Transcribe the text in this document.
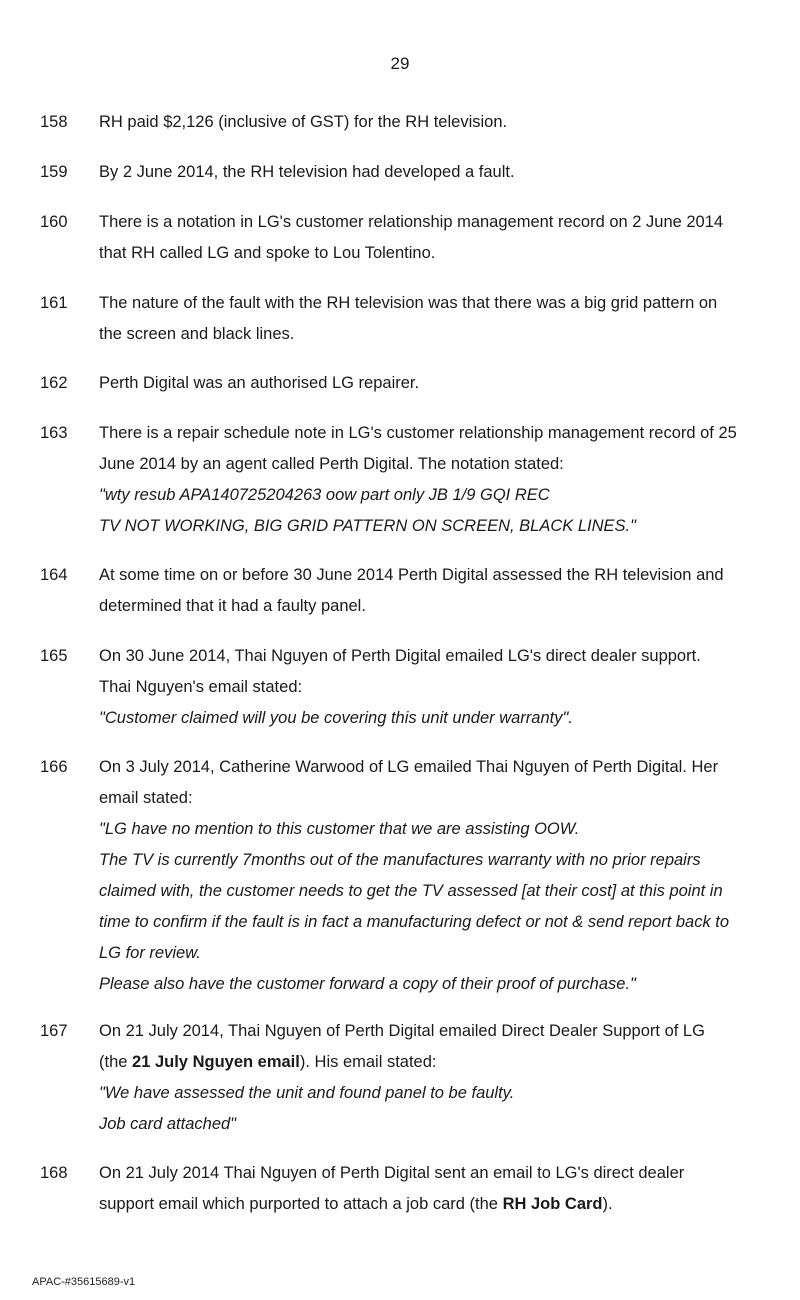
29
158 RH paid $2,126 (inclusive of GST) for the RH television.
159 By 2 June 2014, the RH television had developed a fault.
160 There is a notation in LG's customer relationship management record on 2 June 2014
that RH called LG and spoke to Lou Tolentino.
161 The nature of the fault with the RH television was that there was a big grid pattern on
the screen and black lines.
162 Perth Digital was an authorised LG repairer.
163 There is a repair schedule note in LG's customer relationship management record of 25
June 2014 by an agent called Perth Digital. The notation stated:
"wty resub APA140725204263 oow part only JB 1/9 GQI REC
TV NOT WORKING, BIG GRID PATTERN ON SCREEN, BLACK LINES."
164 At some time on or before 30 June 2014 Perth Digital assessed the RH television and
determined that it had a faulty panel.
165 On 30 June 2014, Thai Nguyen of Perth Digital emailed LG's direct dealer support.
Thai Nguyen's email stated:
"Customer claimed will you be covering this unit under warranty".
166 On 3 July 2014, Catherine Warwood of LG emailed Thai Nguyen of Perth Digital. Her
email stated:
"LG have no mention to this customer that we are assisting OOW.
The TV is currently 7months out of the manufactures warranty with no prior repairs
claimed with, the customer needs to get the TV assessed [at their cost] at this point in
time to confirm if the fault is in fact a manufacturing defect or not & send report back to
LG for review.
Please also have the customer forward a copy of their proof of purchase."
167 On 21 July 2014, Thai Nguyen of Perth Digital emailed Direct Dealer Support of LG
(the 21 July Nguyen email). His email stated:
"We have assessed the unit and found panel to be faulty.
Job card attached"
168 On 21 July 2014 Thai Nguyen of Perth Digital sent an email to LG's direct dealer
support email which purported to attach a job card (the RH Job Card).
APAC-#35615689-v1
